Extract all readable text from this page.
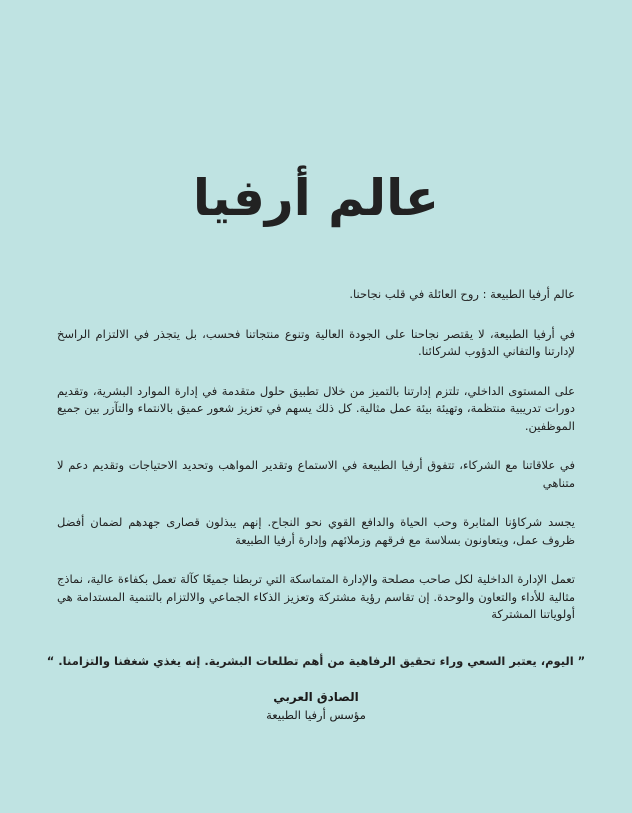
عالم أرفيا

عالم أرفيا الطبيعة : روح العائلة في قلب نجاحنا.

في أرفيا الطبيعة، لا يقتصر نجاحنا على الجودة العالية وتنوع منتجاتنا فحسب، بل يتجذر في الالتزام الراسخ لإدارتنا والتفاني الدؤوب لشركائنا.

على المستوى الداخلي، تلتزم إدارتنا بالتميز من خلال تطبيق حلول متقدمة في إدارة الموارد البشرية، وتقديم دورات تدريبية منتظمة، وتهيئة بيئة عمل مثالية. كل ذلك يسهم في تعزيز شعور عميق بالانتماء والتآزر بين جميع الموظفين.

في علاقاتنا مع الشركاء، تتفوق أرفيا الطبيعة في الاستماع وتقدير المواهب وتحديد الاحتياجات وتقديم دعم لا متناهي

يجسد شركاؤنا المثابرة وحب الحياة والدافع القوي نحو النجاح. إنهم يبذلون قصارى جهدهم لضمان أفضل ظروف عمل، ويتعاونون بسلاسة مع فرقهم وزملائهم وإدارة أرفيا الطبيعة

تعمل الإدارة الداخلية لكل صاحب مصلحة والإدارة المتماسكة التي تربطنا جميعًا كآلة تعمل بكفاءة عالية، نماذج مثالية للأداء والتعاون والوحدة. إن تقاسم رؤية مشتركة وتعزيز الذكاء الجماعي والالتزام بالتنمية المستدامة هي أولوياتنا المشتركة

” اليوم، يعتبر السعي وراء تحقيق الرفاهية من أهم تطلعات البشرية. إنه يغذي شغفنا والتزامنا. “

الصادق العربي

مؤسس أرفيا الطبيعة
